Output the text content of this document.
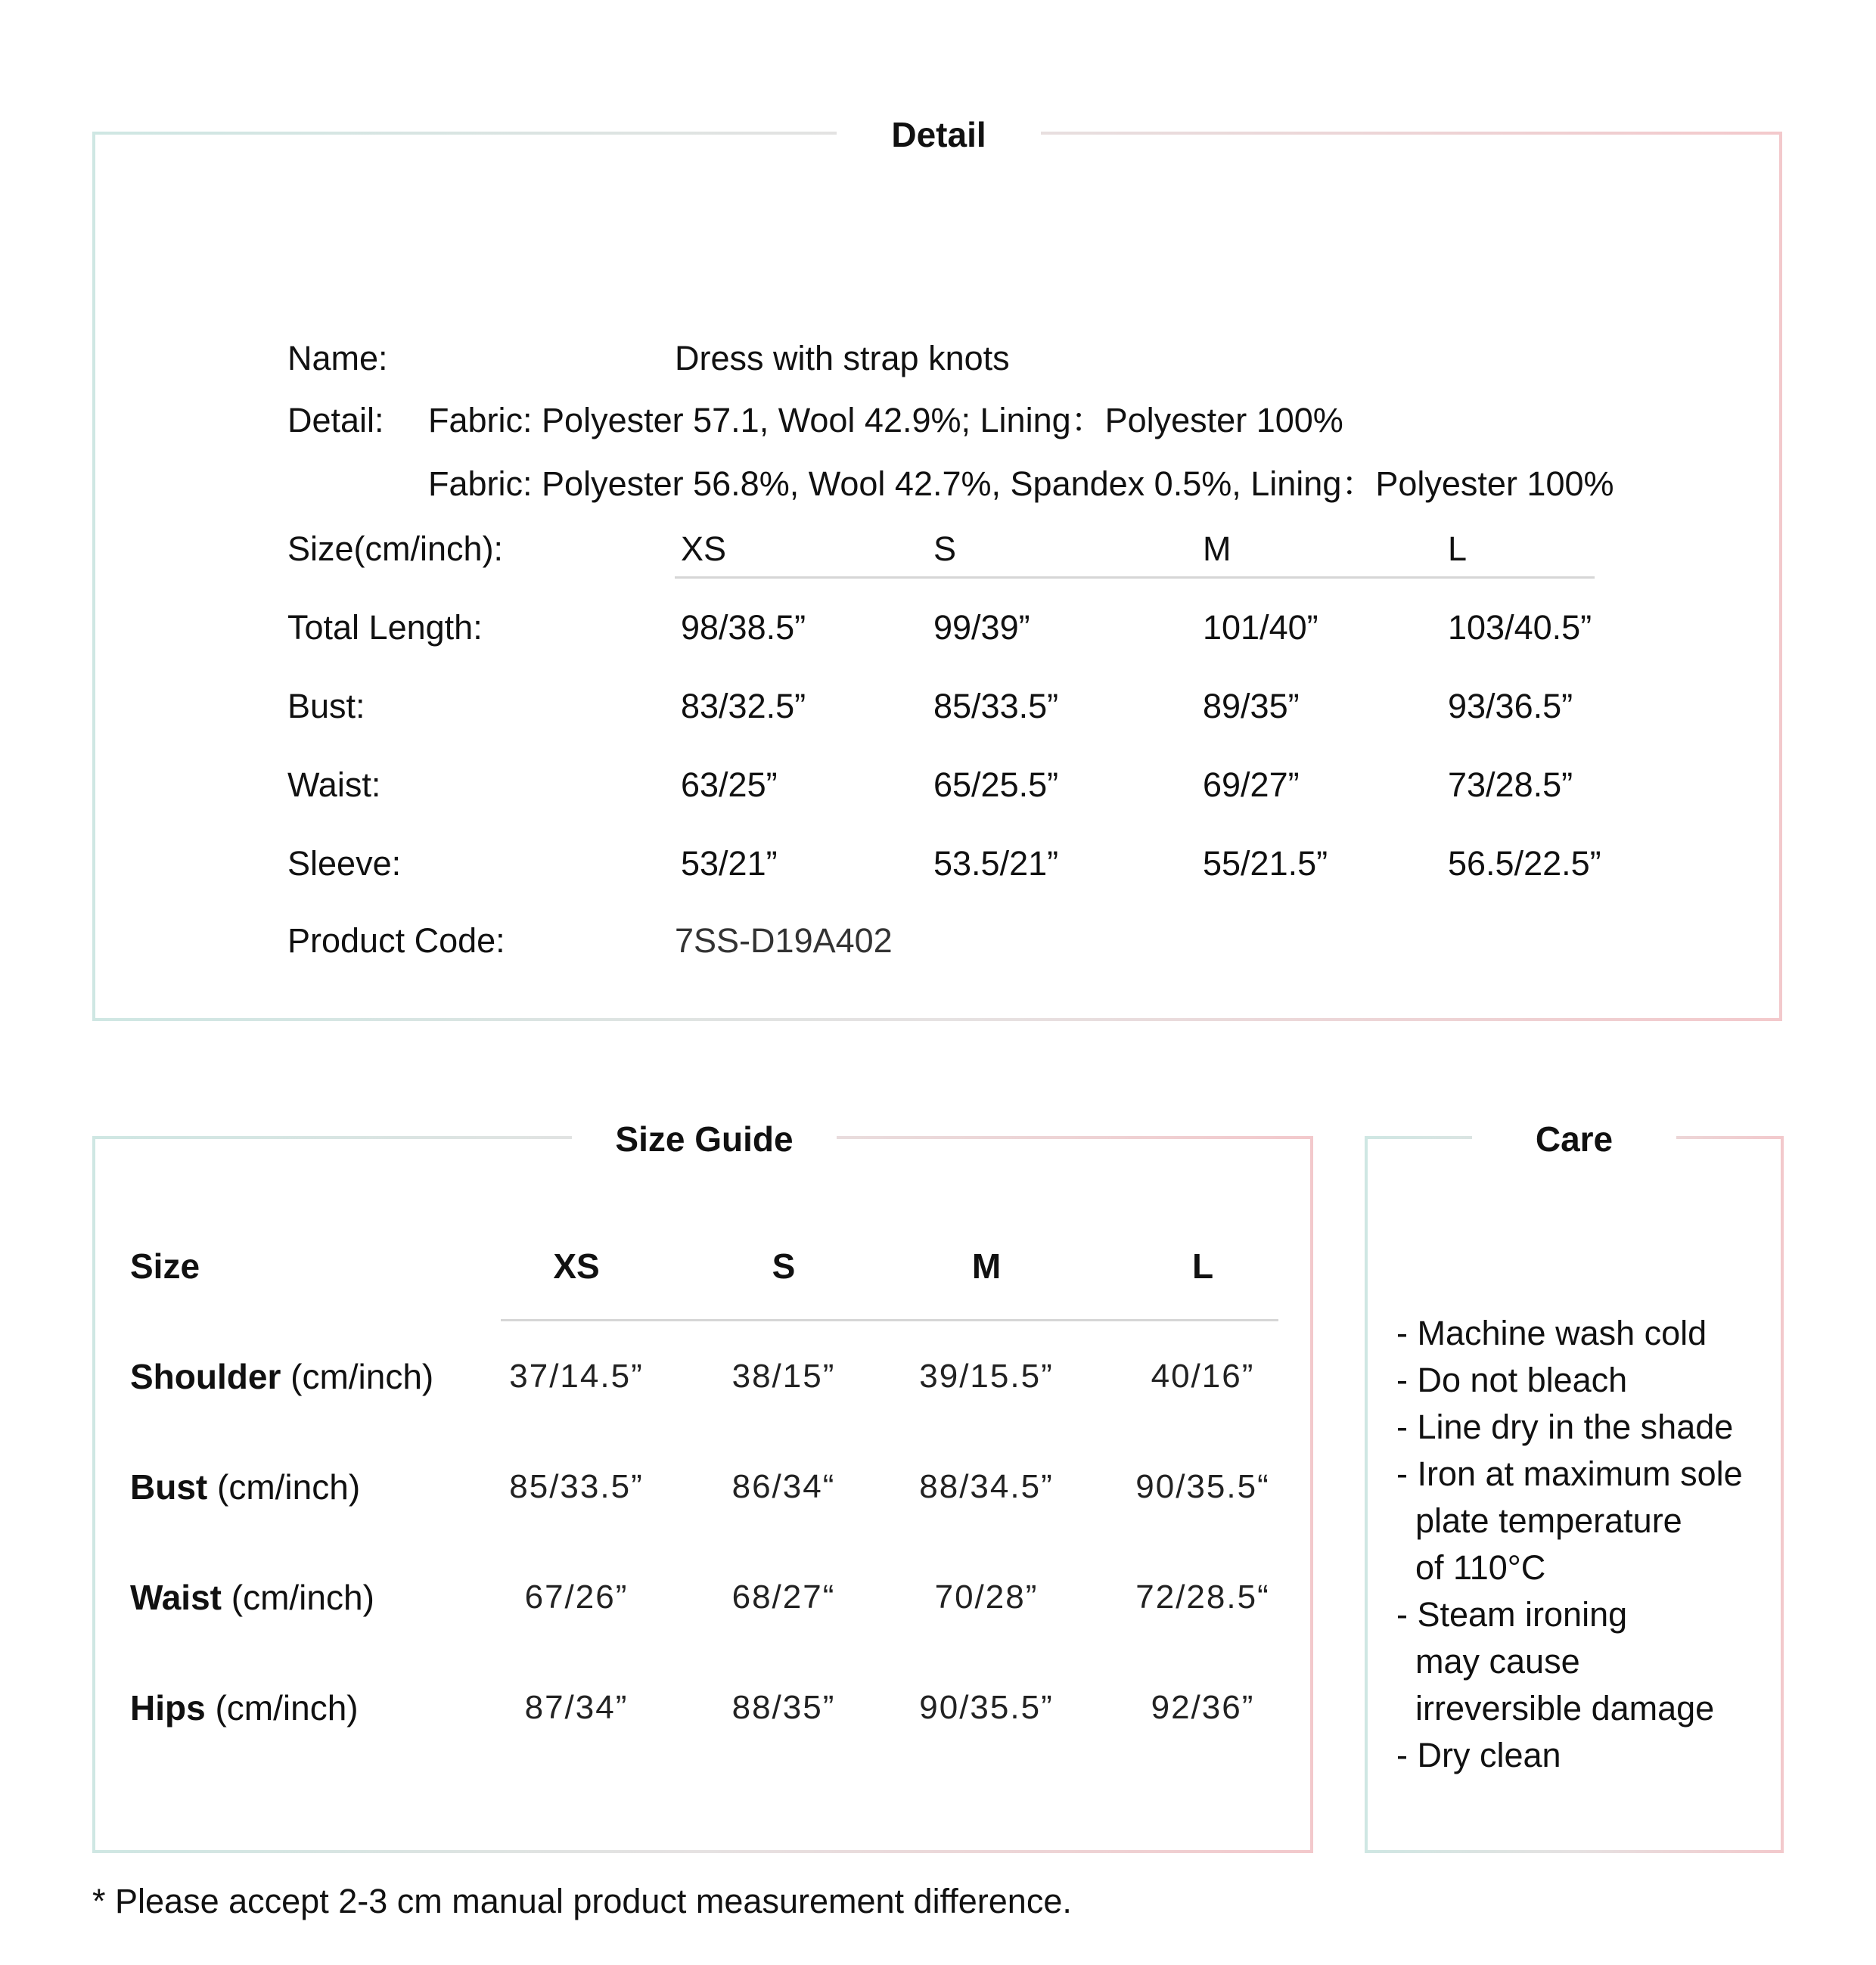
Detail
Name:	Dress with strap knots
Detail: Fabric: Polyester 57.1, Wool 42.9%; Lining：Polyester 100%
Fabric: Polyester 56.8%, Wool 42.7%, Spandex 0.5%, Lining：Polyester 100%
Size(cm/inch):	XS	S	M	L
Total Length:	98/38.5”	99/39”	101/40”	103/40.5”
Bust:	83/32.5”	85/33.5”	89/35”	93/36.5”
Waist:	63/25”	65/25.5”	69/27”	73/28.5”
Sleeve:	53/21”	53.5/21”	55/21.5”	56.5/22.5”
Product Code:	7SS-D19A402
Size Guide
Size	XS	S	M	L
Shoulder (cm/inch)	37/14.5”	38/15”	39/15.5”	40/16”
Bust (cm/inch)	85/33.5”	86/34“	88/34.5”	90/35.5“
Waist (cm/inch)	67/26”	68/27“	70/28”	72/28.5“
Hips (cm/inch)	87/34”	88/35”	90/35.5”	92/36”
Care
- Machine wash cold
- Do not bleach
- Line dry in the shade
- Iron at maximum sole
plate temperature
of 110°C
- Steam ironing
may cause
irreversible damage
- Dry clean
* Please accept 2-3 cm manual product measurement difference.
